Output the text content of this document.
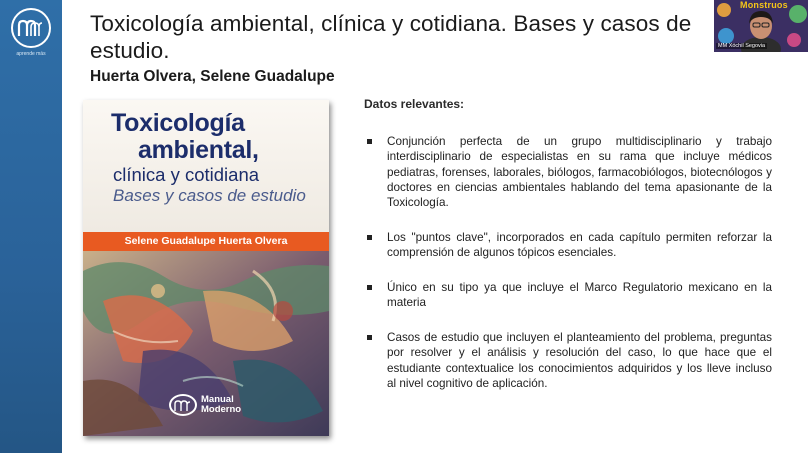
aprende más
Toxicología ambiental, clínica y cotidiana. Bases y casos de estudio.
Huerta Olvera, Selene Guadalupe
Toxicología
ambiental,
clínica y cotidiana
Bases y casos de estudio
Selene Guadalupe Huerta Olvera
Manual
Moderno
Datos relevantes:
Conjunción perfecta de un grupo multidisciplinario y trabajo interdisciplinario de especialistas en su rama que incluye médicos pediatras, forenses, laborales, biólogos, farmacobiólogos, biotecnólogos y doctores en ciencias ambientales hablando del tema apasionante de la Toxicología.
Los "puntos clave", incorporados en cada capítulo permiten reforzar la comprensión de algunos tópicos esenciales.
Único en su tipo ya que incluye el Marco Regulatorio mexicano en la materia
Casos de estudio que incluyen el planteamiento del problema, preguntas por resolver y el análisis y resolución del caso, lo que hace que el estudiante contextualice los conocimientos adquiridos y los lleve incluso al nivel cognitivo de aplicación.
Monstruos
MM Xóchil Segovia
